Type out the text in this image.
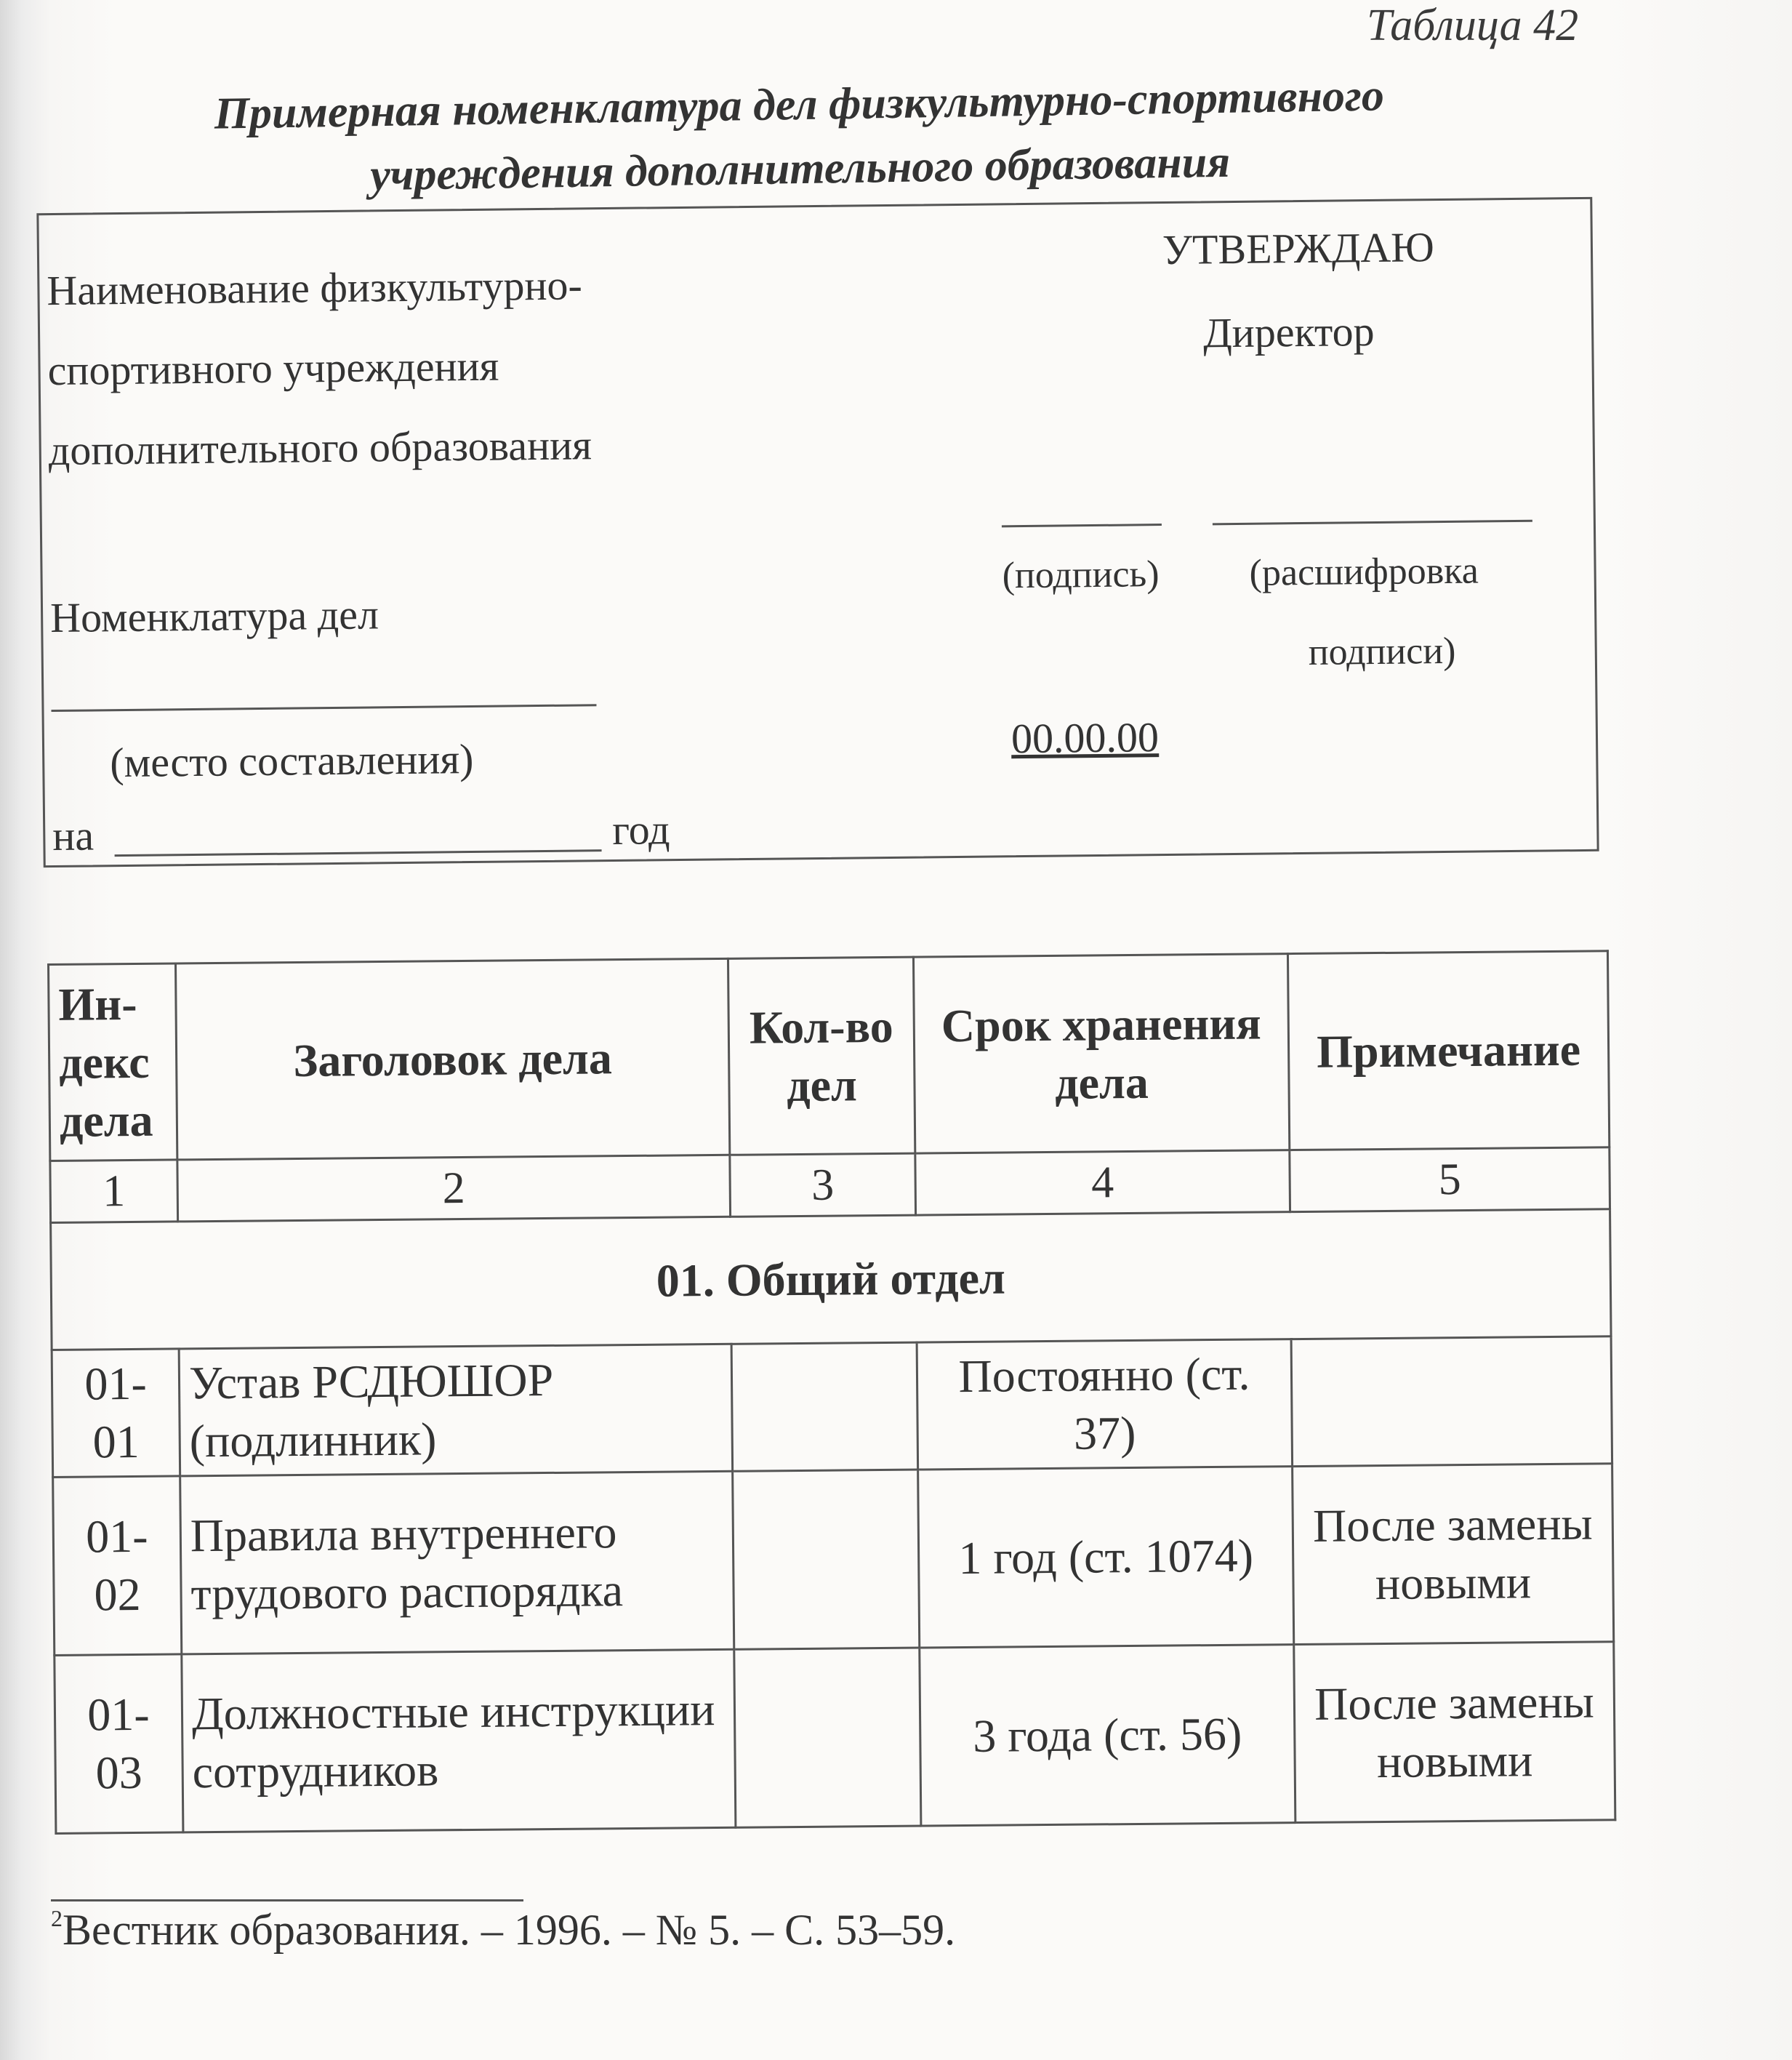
Таблица 42
Примерная номенклатура дел физкультурно-спортивного
учреждения дополнительного образования
Наименование физкультурно-
спортивного учреждения
дополнительного образования
Номенклатура дел
(место составления)
на	год
УТВЕРЖДАЮ
Директор
(подпись) (расшифровка
подписи)
00.00.00
Ин- декс дела	Заголовок дела	Кол-во дел	Срок хранения дела	Примечание
1	2	3	4	5
01. Общий отдел				
01-01	Устав РСДЮШОР (подлинник)		Постоянно (ст. 37)	
01-02	Правила внутреннего трудового распорядка		1 год (ст. 1074)	После замены новыми
01-03	Должностные инструкции сотрудников		3 года (ст. 56)	После замены новыми
$^2$Вестник образования. – 1996. – № 5. – С. 53–59.
